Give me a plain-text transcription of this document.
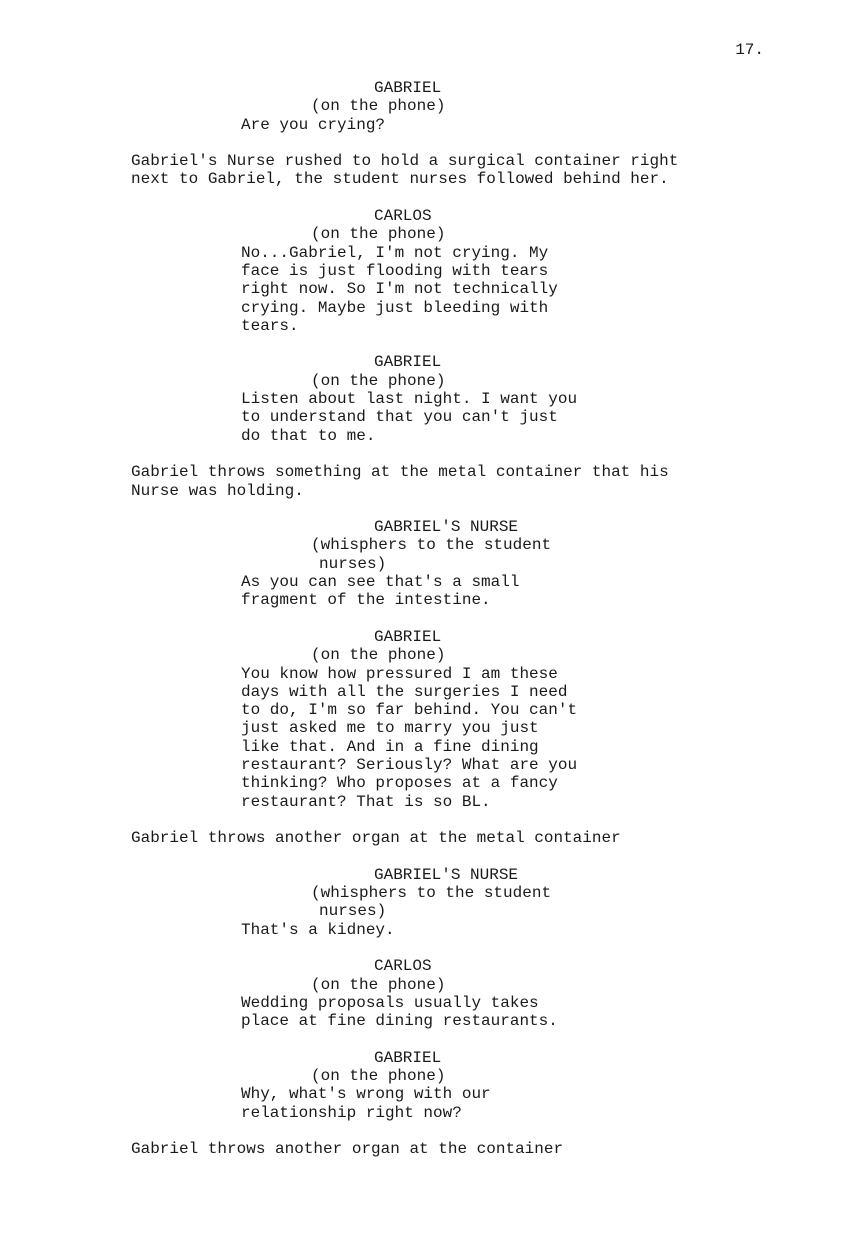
17.

GABRIEL

(on the phone)

Are you crying?

Gabriel's Nurse rushed to hold a surgical container right
next to Gabriel, the student nurses followed behind her.

CARLOS

(on the phone)

No...Gabriel, I'm not crying. My
face is just flooding with tears
right now. So I'm not technically
crying. Maybe just bleeding with
tears.

GABRIEL

(on the phone)

Listen about last night. I want you
to understand that you can't just
do that to me.

Gabriel throws something at the metal container that his
Nurse was holding.

GABRIEL'S NURSE

(whisphers to the student
nurses)

As you can see that's a small
fragment of the intestine.

GABRIEL

(on the phone)

You know how pressured I am these
days with all the surgeries I need
to do, I'm so far behind. You can't
just asked me to marry you just
like that. And in a fine dining
restaurant? Seriously? What are you
thinking? Who proposes at a fancy
restaurant? That is so BL.

Gabriel throws another organ at the metal container

GABRIEL'S NURSE

(whisphers to the student
nurses)

That's a kidney.

CARLOS

(on the phone)

Wedding proposals usually takes
place at fine dining restaurants.

GABRIEL

(on the phone)

Why, what's wrong with our
relationship right now?

Gabriel throws another organ at the container
